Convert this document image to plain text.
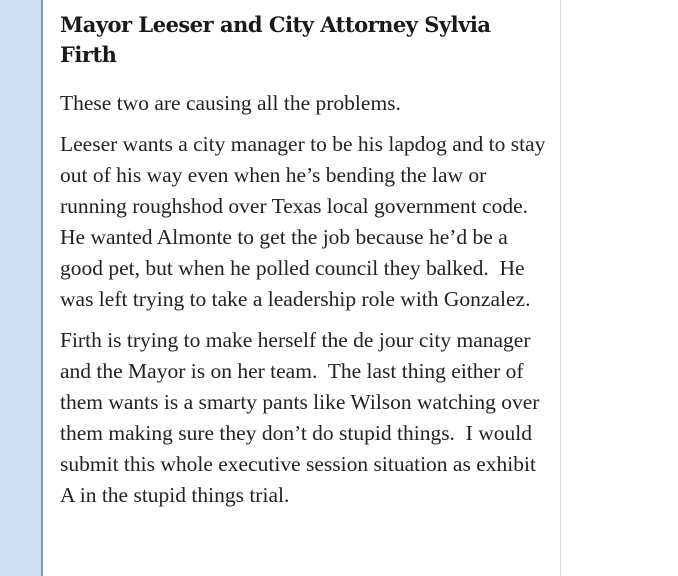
Mayor Leeser and City Attorney Sylvia Firth

These two are causing all the problems.

Leeser wants a city manager to be his lapdog and to stay out of his way even when he’s bending the law or running roughshod over Texas local government code.   He wanted Almonte to get the job because he’d be a good pet, but when he polled council they balked.  He was left trying to take a leadership role with Gonzalez.

Firth is trying to make herself the de jour city manager and the Mayor is on her team.  The last thing either of them wants is a smarty pants like Wilson watching over them making sure they don’t do stupid things.  I would submit this whole executive session situation as exhibit A in the stupid things trial.
